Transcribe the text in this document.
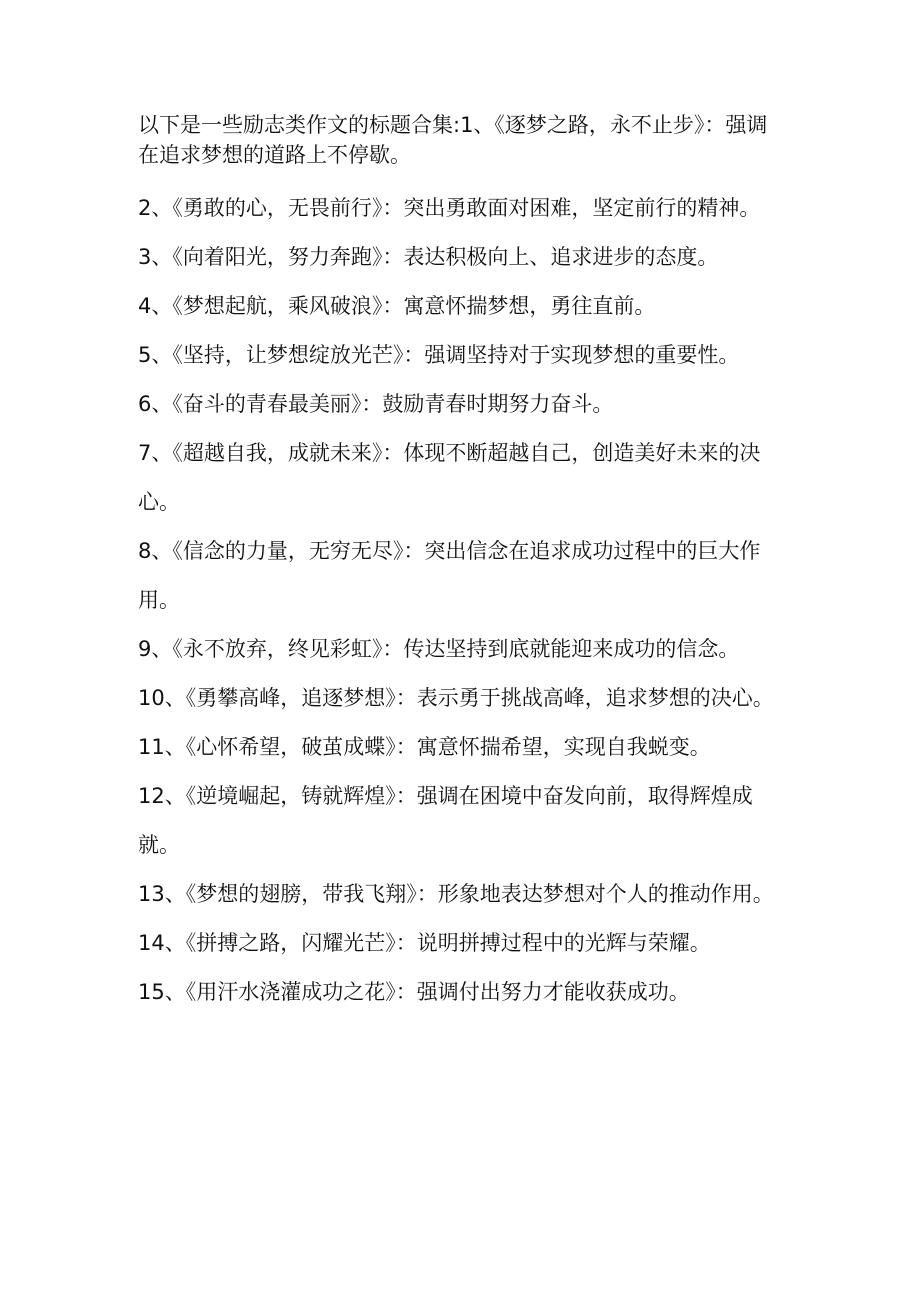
以下是一些励志类作文的标题合集:1、《逐梦之路，永不止步》：强调在追求梦想的道路上不停歇。

2、《勇敢的心，无畏前行》：突出勇敢面对困难，坚定前行的精神。

3、《向着阳光，努力奔跑》：表达积极向上、追求进步的态度。

4、《梦想起航，乘风破浪》：寓意怀揣梦想，勇往直前。

5、《坚持，让梦想绽放光芒》：强调坚持对于实现梦想的重要性。

6、《奋斗的青春最美丽》：鼓励青春时期努力奋斗。

7、《超越自我，成就未来》：体现不断超越自己，创造美好未来的决心。

8、《信念的力量，无穷无尽》：突出信念在追求成功过程中的巨大作用。

9、《永不放弃，终见彩虹》：传达坚持到底就能迎来成功的信念。

10、《勇攀高峰，追逐梦想》：表示勇于挑战高峰，追求梦想的决心。

11、《心怀希望，破茧成蝶》：寓意怀揣希望，实现自我蜕变。

12、《逆境崛起，铸就辉煌》：强调在困境中奋发向前，取得辉煌成就。

13、《梦想的翅膀，带我飞翔》：形象地表达梦想对个人的推动作用。

14、《拼搏之路，闪耀光芒》：说明拼搏过程中的光辉与荣耀。

15、《用汗水浇灌成功之花》：强调付出努力才能收获成功。
